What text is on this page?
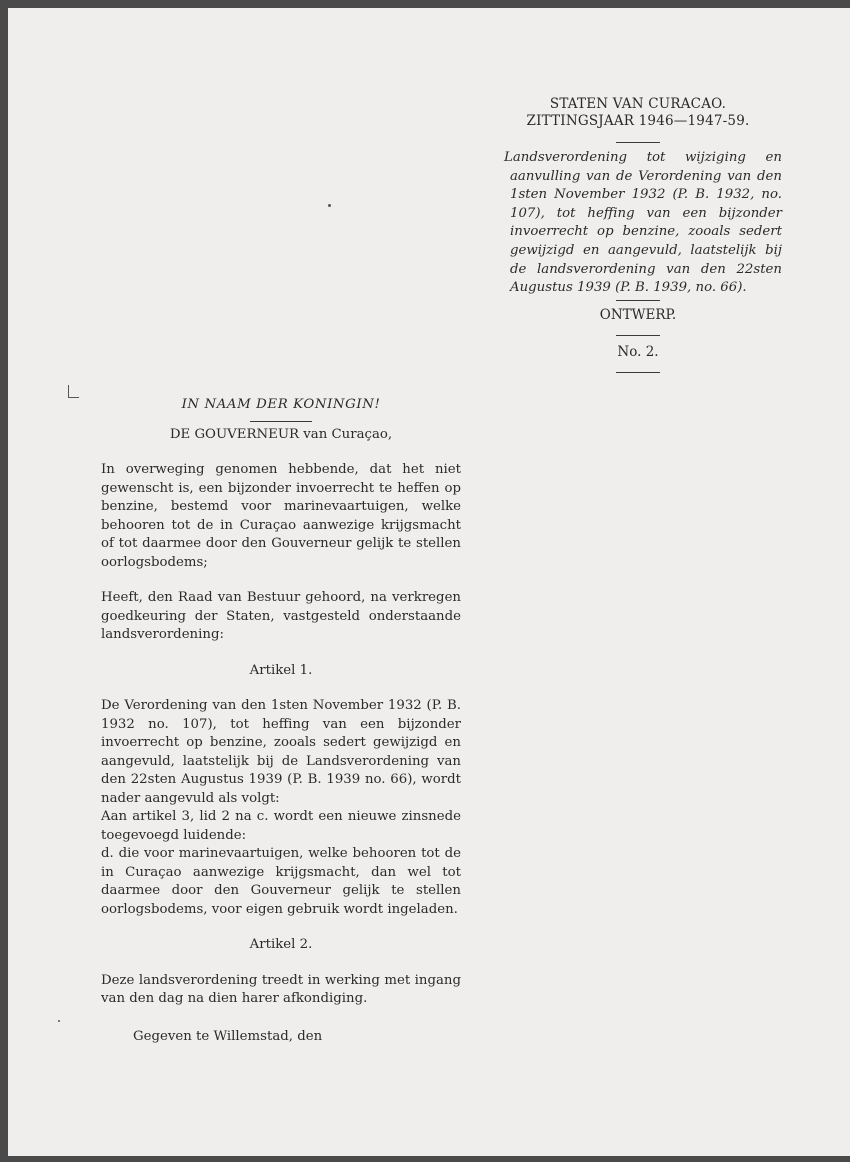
STATEN VAN CURACAO.
ZITTINGSJAAR 1946—1947-59.
Landsverordening tot wijziging en aanvulling van de Verordening van den 1sten November 1932 (P. B. 1932, no. 107), tot heffing van een bijzonder invoerrecht op benzine, zooals sedert gewijzigd en aangevuld, laatstelijk bij de landsverordening van den 22sten Augustus 1939 (P. B. 1939, no. 66).
ONTWERP.
No. 2.

IN NAAM DER KONINGIN!

DE GOUVERNEUR van Curaçao,

In overweging genomen hebbende, dat het niet gewenscht is, een bijzonder invoerrecht te heffen op benzine, bestemd voor marinevaartuigen, welke behooren tot de in Curaçao aanwezige krijgsmacht of tot daarmee door den Gouverneur gelijk te stellen oorlogsbodems;

Heeft, den Raad van Bestuur gehoord, na verkregen goedkeuring der Staten, vastgesteld onderstaande landsverordening:

Artikel 1.

De Verordening van den 1sten November 1932 (P. B. 1932 no. 107), tot heffing van een bijzonder invoerrecht op benzine, zooals sedert gewijzigd en aangevuld, laatstelijk bij de Landsverordening van den 22sten Augustus 1939 (P. B. 1939 no. 66), wordt nader aangevuld als volgt:

Aan artikel 3, lid 2 na c. wordt een nieuwe zinsnede toegevoegd luidende:

d. die voor marinevaartuigen, welke behooren tot de in Curaçao aanwezige krijgsmacht, dan wel tot daarmee door den Gouverneur gelijk te stellen oorlogsbodems, voor eigen gebruik wordt ingeladen.

Artikel 2.

Deze landsverordening treedt in werking met ingang van den dag na dien harer afkondiging.

Gegeven te Willemstad, den
